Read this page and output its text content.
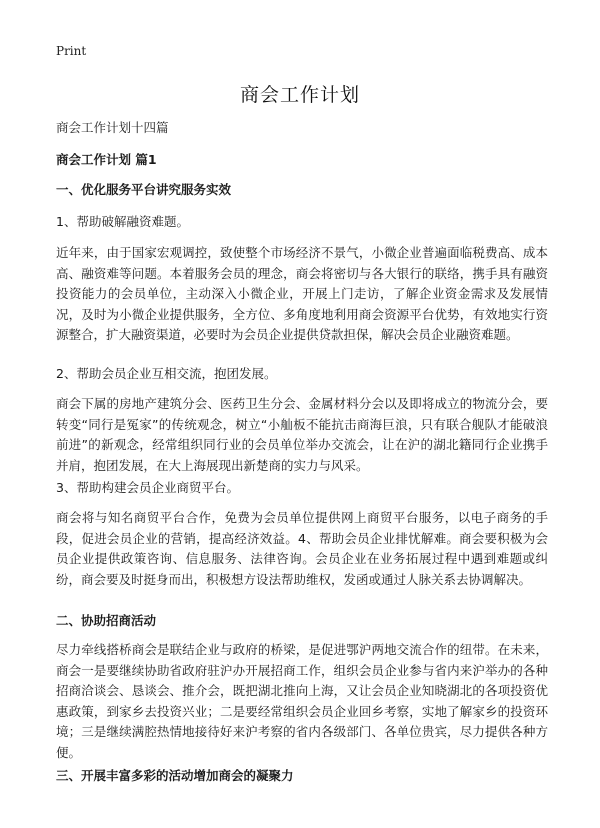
Print
商会工作计划

商会工作计划十四篇

商会工作计划 篇1

一、优化服务平台讲究服务实效

1、帮助破解融资难题。

近年来，由于国家宏观调控，致使整个市场经济不景气，小微企业普遍面临税费高、成本高、融资难等问题。本着服务会员的理念，商会将密切与各大银行的联络，携手具有融资投资能力的会员单位，主动深入小微企业，开展上门走访，了解企业资金需求及发展情况，及时为小微企业提供服务，全方位、多角度地利用商会资源平台优势，有效地实行资源整合，扩大融资渠道，必要时为会员企业提供贷款担保，解决会员企业融资难题。

2、帮助会员企业互相交流，抱团发展。

商会下属的房地产建筑分会、医药卫生分会、金属材料分会以及即将成立的物流分会，要转变“同行是冤家”的传统观念，树立“小舢板不能抗击商海巨浪，只有联合舰队才能破浪前进”的新观念，经常组织同行业的会员单位举办交流会，让在沪的湖北籍同行企业携手并肩，抱团发展，在大上海展现出新楚商的实力与风采。

3、帮助构建会员企业商贸平台。

商会将与知名商贸平台合作，免费为会员单位提供网上商贸平台服务，以电子商务的手段，促进会员企业的营销，提高经济效益。4、帮助会员企业排忧解难。商会要积极为会员企业提供政策咨询、信息服务、法律咨询。会员企业在业务拓展过程中遇到难题或纠纷，商会要及时挺身而出，积极想方设法帮助维权，发函或通过人脉关系去协调解决。

二、协助招商活动

尽力牵线搭桥商会是联结企业与政府的桥梁，是促进鄂沪两地交流合作的纽带。在未来，商会一是要继续协助省政府驻沪办开展招商工作，组织会员企业参与省内来沪举办的各种招商洽谈会、恳谈会、推介会，既把湖北推向上海，又让会员企业知晓湖北的各项投资优惠政策，到家乡去投资兴业；二是要经常组织会员企业回乡考察，实地了解家乡的投资环境；三是继续满腔热情地接待好来沪考察的省内各级部门、各单位贵宾，尽力提供各种方便。

三、开展丰富多彩的活动增加商会的凝聚力
